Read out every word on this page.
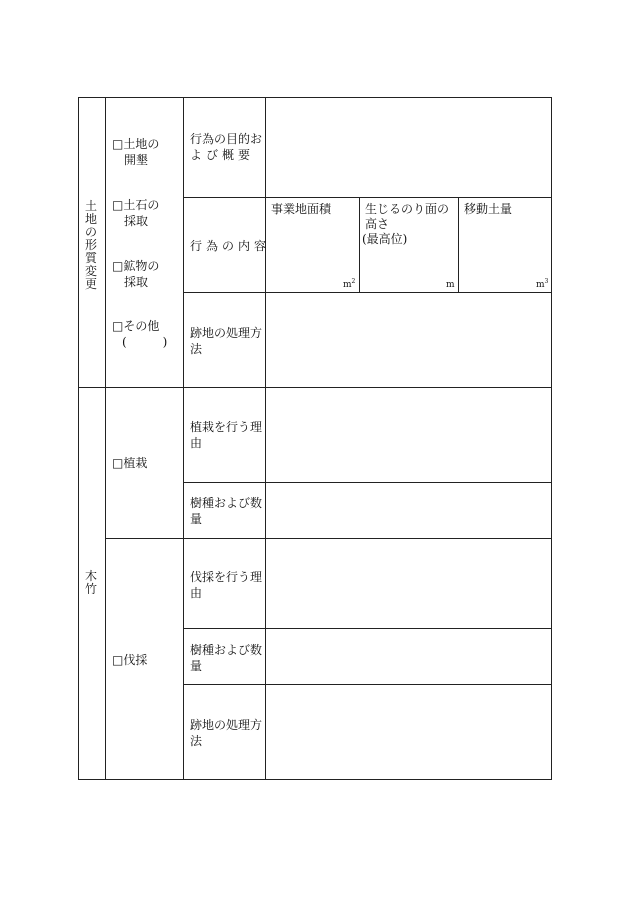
土地の形質変更
□土地の
開墾
□土石の
採取
□鉱物の
採取
□その他
(　　　)
行為の目的お
よび概要
行為の内容
事業地面積
$m^2$
生じるのり面の
高さ
(最高位)
m
移動土量
$m^3$
跡地の処理方
法
木竹
□植栽
植栽を行う理
由
樹種および数
量
□伐採
伐採を行う理
由
樹種および数
量
跡地の処理方
法
